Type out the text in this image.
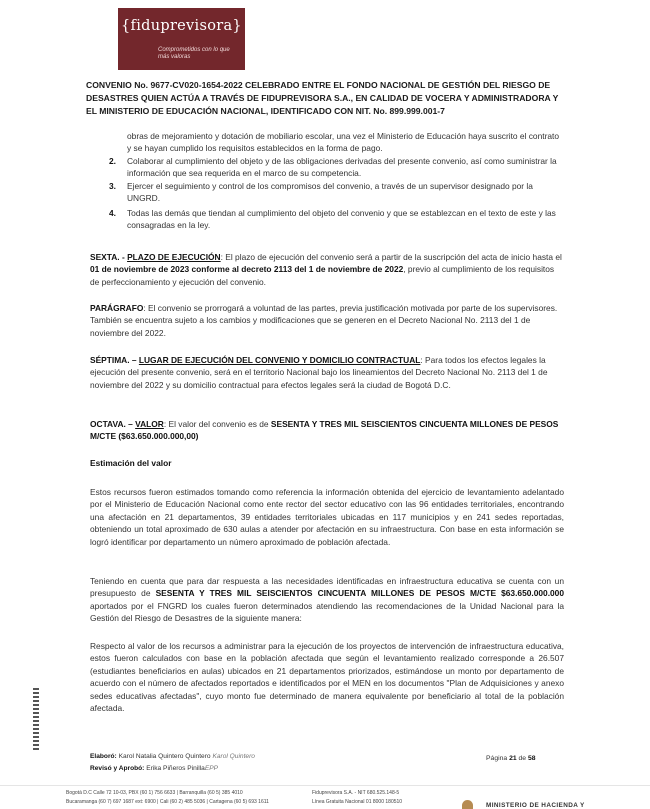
{fiduprevisora}
Comprometidos con lo que más valoras
CONVENIO No. 9677-CV020-1654-2022 CELEBRADO ENTRE EL FONDO NACIONAL DE GESTIÓN DEL RIESGO DE DESASTRES QUIEN ACTÚA A TRAVÉS DE FIDUPREVISORA S.A., EN CALIDAD DE VOCERA Y ADMINISTRADORA Y EL MINISTERIO DE EDUCACIÓN NACIONAL, IDENTIFICADO CON NIT. No. 899.999.001-7
obras de mejoramiento y dotación de mobiliario escolar, una vez el Ministerio de Educación haya suscrito el contrato y se hayan cumplido los requisitos establecidos en la forma de pago.
2. Colaborar al cumplimiento del objeto y de las obligaciones derivadas del presente convenio, así como suministrar la información que sea requerida en el marco de su competencia.
3. Ejercer el seguimiento y control de los compromisos del convenio, a través de un supervisor designado por la UNGRD.
4. Todas las demás que tiendan al cumplimiento del objeto del convenio y que se establezcan en el texto de este y las consagradas en la ley.
SEXTA. - PLAZO DE EJECUCIÓN: El plazo de ejecución del convenio será a partir de la suscripción del acta de inicio hasta el 01 de noviembre de 2023 conforme al decreto 2113 del 1 de noviembre de 2022, previo al cumplimiento de los requisitos de perfeccionamiento y ejecución del convenio.
PARÁGRAFO: El convenio se prorrogará a voluntad de las partes, previa justificación motivada por parte de los supervisores. También se encuentra sujeto a los cambios y modificaciones que se generen en el Decreto Nacional No. 2113 del 1 de noviembre del 2022.
SÉPTIMA. – LUGAR DE EJECUCIÓN DEL CONVENIO Y DOMICILIO CONTRACTUAL: Para todos los efectos legales la ejecución del presente convenio, será en el territorio Nacional bajo los lineamientos del Decreto Nacional No. 2113 del 1 de noviembre del 2022 y su domicilio contractual para efectos legales será la ciudad de Bogotá D.C.
OCTAVA. – VALOR: El valor del convenio es de SESENTA Y TRES MIL SEISCIENTOS CINCUENTA MILLONES DE PESOS M/CTE ($63.650.000.000,00)
Estimación del valor
Estos recursos fueron estimados tomando como referencia la información obtenida del ejercicio de levantamiento adelantado por el Ministerio de Educación Nacional como ente rector del sector educativo con las 96 entidades territoriales, encontrando una afectación en 21 departamentos, 39 entidades territoriales ubicadas en 117 municipios y en 241 sedes reportadas, obteniendo un total aproximado de 630 aulas a atender por afectación en su infraestructura. Con base en esta información se logró identificar por departamento un número aproximado de población afectada.
Teniendo en cuenta que para dar respuesta a las necesidades identificadas en infraestructura educativa se cuenta con un presupuesto de SESENTA Y TRES MIL SEISCIENTOS CINCUENTA MILLONES DE PESOS M/CTE $63.650.000.000 aportados por el FNGRD los cuales fueron determinados atendiendo las recomendaciones de la Unidad Nacional para la Gestión del Riesgo de Desastres de la siguiente manera:
Respecto al valor de los recursos a administrar para la ejecución de los proyectos de intervención de infraestructura educativa, estos fueron calculados con base en la población afectada que según el levantamiento realizado corresponde a 26.507 (estudiantes beneficiarios en aulas) ubicados en 21 departamentos priorizados, estimándose un monto por departamento de acuerdo con el número de afectados reportados e identificados por el MEN en los documentos "Plan de Adquisiciones y anexo sedes educativas afectadas", cuyo monto fue determinado de manera equivalente por beneficiario al total de la población afectada.
Elaboró: Karol Natalia Quintero Quintero Karol Quintero
Revisó y Aprobó: Erika Piñeros PinillaEPP
Página 21 de 58
Bogotá D.C Calle 72 10-03, PBX (60 1) 756 6633 | Barranquilla (60 5) 385 4010
Bucaramanga (60 7) 697 1687 ext: 6900 | Cali (60 2) 485 5036 | Cartagena (60 5) 693 1611
Fiduprevisora S.A. - NIT 680.525.148-5
Línea Gratuita Nacional 01 8000 180510	MINISTERIO DE HACIENDA Y
